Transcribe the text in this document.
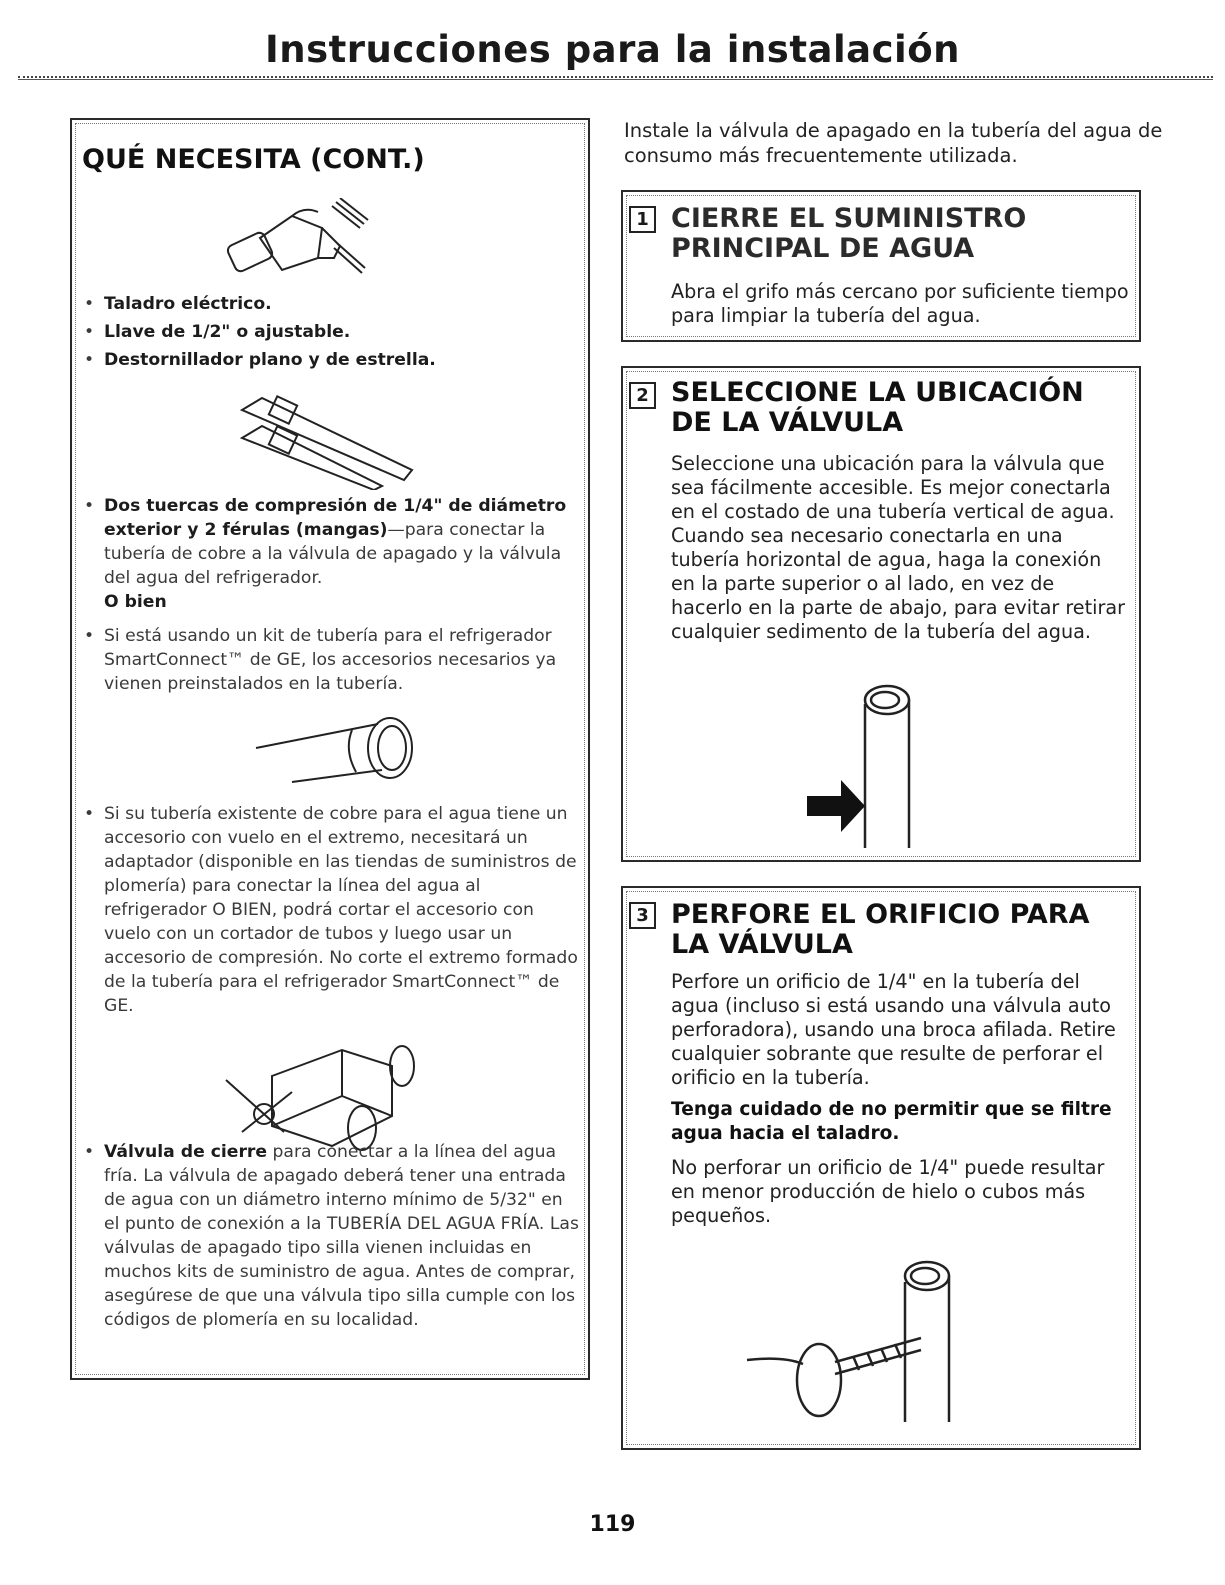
Instrucciones para la instalación
QUÉ NECESITA (CONT.)
• Taladro eléctrico.
• Llave de 1/2" o ajustable.
• Destornillador plano y de estrella.
• Dos tuercas de compresión de 1/4" de diámetro exterior y 2 férulas (mangas)—para conectar la tubería de cobre a la válvula de apagado y la válvula del agua del refrigerador.
O bien
• Si está usando un kit de tubería para el refrigerador SmartConnect™ de GE, los accesorios necesarios ya vienen preinstalados en la tubería.
• Si su tubería existente de cobre para el agua tiene un accesorio con vuelo en el extremo, necesitará un adaptador (disponible en las tiendas de suministros de plomería) para conectar la línea del agua al refrigerador O BIEN, podrá cortar el accesorio con vuelo con un cortador de tubos y luego usar un accesorio de compresión. No corte el extremo formado de la tubería para el refrigerador SmartConnect™ de GE.
• Válvula de cierre para conectar a la línea del agua fría. La válvula de apagado deberá tener una entrada de agua con un diámetro interno mínimo de 5/32" en el punto de conexión a la TUBERÍA DEL AGUA FRÍA. Las válvulas de apagado tipo silla vienen incluidas en muchos kits de suministro de agua. Antes de comprar, asegúrese de que una válvula tipo silla cumple con los códigos de plomería en su localidad.
Instale la válvula de apagado en la tubería del agua de consumo más frecuentemente utilizada.
1 CIERRE EL SUMINISTRO PRINCIPAL DE AGUA
Abra el grifo más cercano por suficiente tiempo para limpiar la tubería del agua.
2 SELECCIONE LA UBICACIÓN DE LA VÁLVULA
Seleccione una ubicación para la válvula que sea fácilmente accesible. Es mejor conectarla en el costado de una tubería vertical de agua. Cuando sea necesario conectarla en una tubería horizontal de agua, haga la conexión en la parte superior o al lado, en vez de hacerlo en la parte de abajo, para evitar retirar cualquier sedimento de la tubería del agua.
3 PERFORE EL ORIFICIO PARA LA VÁLVULA
Perfore un orificio de 1/4" en la tubería del agua (incluso si está usando una válvula auto perforadora), usando una broca afilada. Retire cualquier sobrante que resulte de perforar el orificio en la tubería.
Tenga cuidado de no permitir que se filtre agua hacia el taladro.
No perforar un orificio de 1/4" puede resultar en menor producción de hielo o cubos más pequeños.
119
